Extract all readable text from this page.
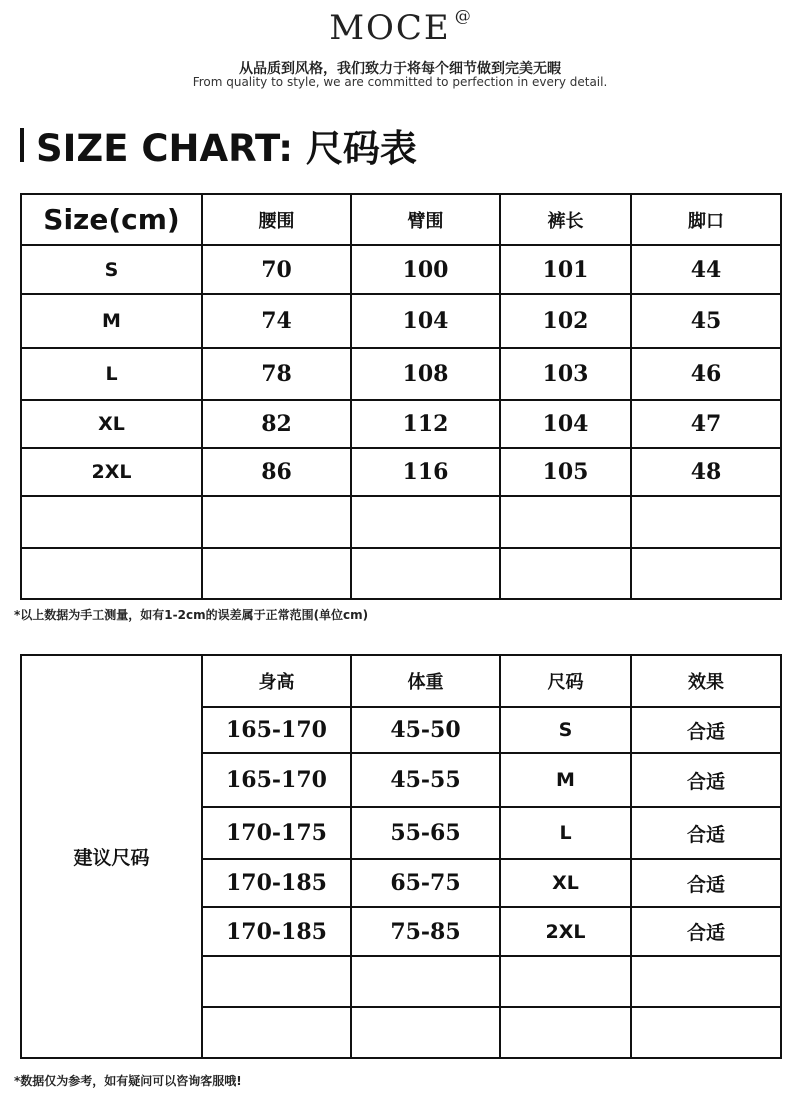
MOCE @
从品质到风格，我们致力于将每个细节做到完美无暇
From quality to style, we are committed to perfection in every detail.
SIZE CHART: 尺码表
Size(cm)	腰围	臂围	裤长	脚口
S	70	100	101	44
M	74	104	102	45
L	78	108	103	46
XL	82	112	104	47
2XL	86	116	105	48

*以上数据为手工测量，如有1-2cm的误差属于正常范围(单位cm)
建议尺码	身高	体重	尺码	效果
	165-170	45-50	S	合适
	165-170	45-55	M	合适
	170-175	55-65	L	合适
	170-185	65-75	XL	合适
	170-185	75-85	2XL	合适

*数据仅为参考，如有疑问可以咨询客服哦!
